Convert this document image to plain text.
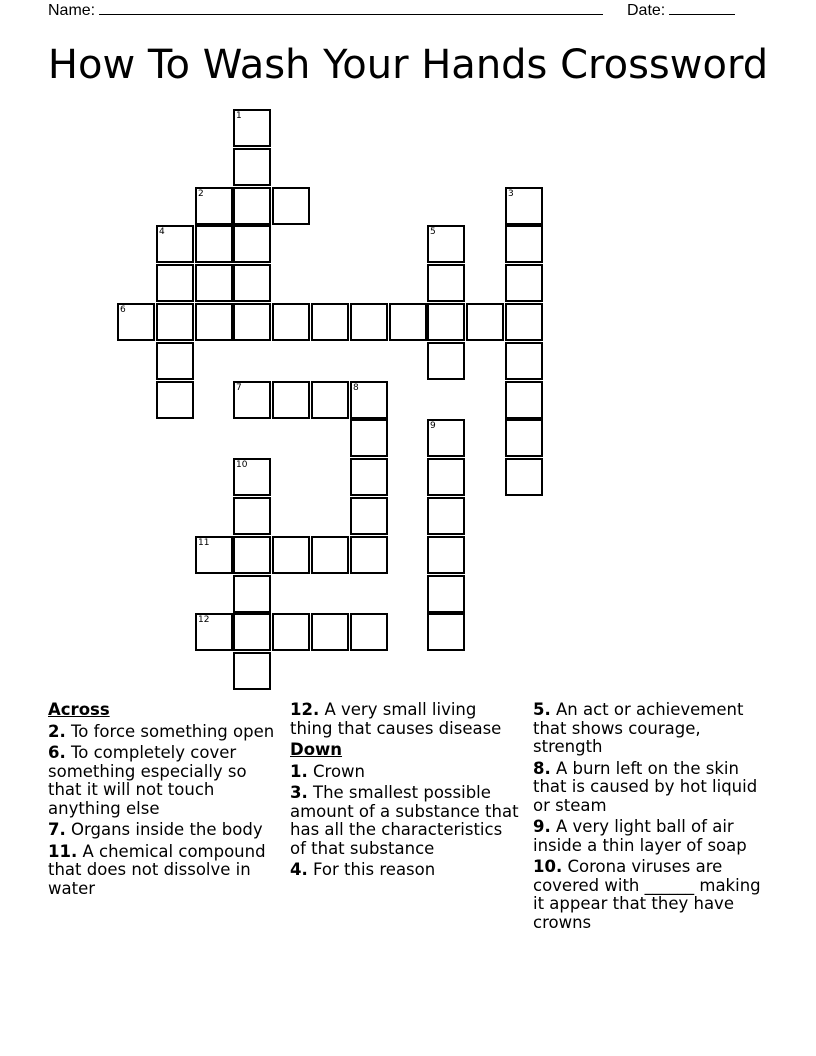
Name:	Date:
How To Wash Your Hands Crossword
1
2	3
4	5
6
7	8
9
10
11
12
Across
2. To force something open
6. To completely cover something especially so that it will not touch anything else
7. Organs inside the body
11. A chemical compound that does not dissolve in water
12. A very small living thing that causes disease
Down
1. Crown
3. The smallest possible amount of a substance that has all the characteristics of that substance
4. For this reason
5. An act or achievement that shows courage, strength
8. A burn left on the skin that is caused by hot liquid or steam
9. A very light ball of air inside a thin layer of soap
10. Corona viruses are covered with ______ making it appear that they have crowns
